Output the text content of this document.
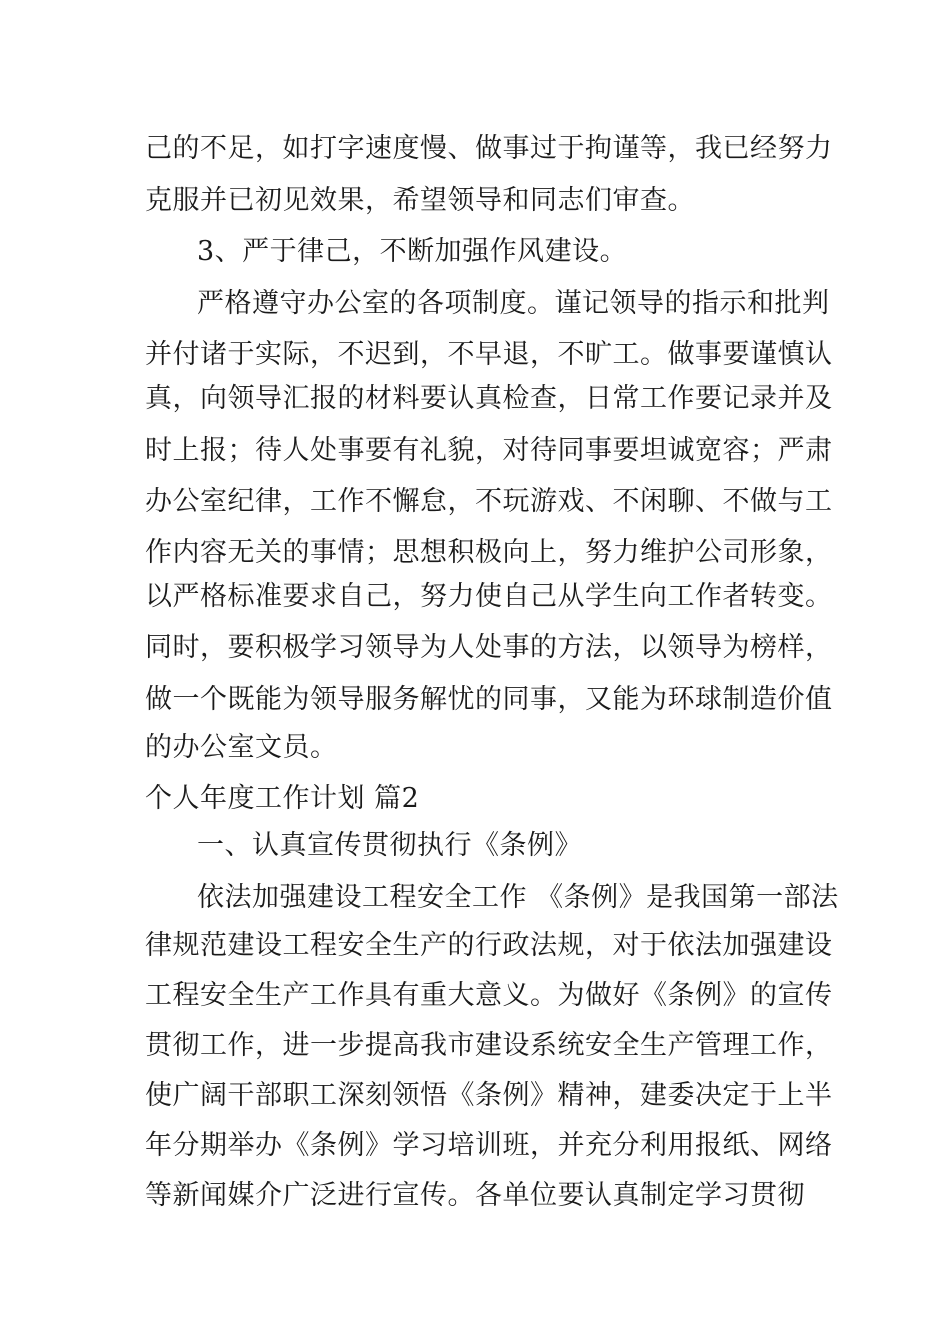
己的不足，如打字速度慢、做事过于拘谨等，我已经努力
克服并已初见效果，希望领导和同志们审查。
3、严于律己，不断加强作风建设。
严格遵守办公室的各项制度。谨记领导的指示和批判
并付诸于实际，不迟到，不早退，不旷工。做事要谨慎认
真，向领导汇报的材料要认真检查，日常工作要记录并及
时上报；待人处事要有礼貌，对待同事要坦诚宽容；严肃
办公室纪律，工作不懈怠，不玩游戏、不闲聊、不做与工
作内容无关的事情；思想积极向上，努力维护公司形象，
以严格标准要求自己，努力使自己从学生向工作者转变。
同时，要积极学习领导为人处事的方法，以领导为榜样，
做一个既能为领导服务解忧的同事，又能为环球制造价值
的办公室文员。
个人年度工作计划 篇2
一、认真宣传贯彻执行《条例》
依法加强建设工程安全工作 《条例》是我国第一部法
律规范建设工程安全生产的行政法规，对于依法加强建设
工程安全生产工作具有重大意义。为做好《条例》的宣传
贯彻工作，进一步提高我市建设系统安全生产管理工作，
使广阔干部职工深刻领悟《条例》精神，建委决定于上半
年分期举办《条例》学习培训班，并充分利用报纸、网络
等新闻媒介广泛进行宣传。各单位要认真制定学习贯彻
